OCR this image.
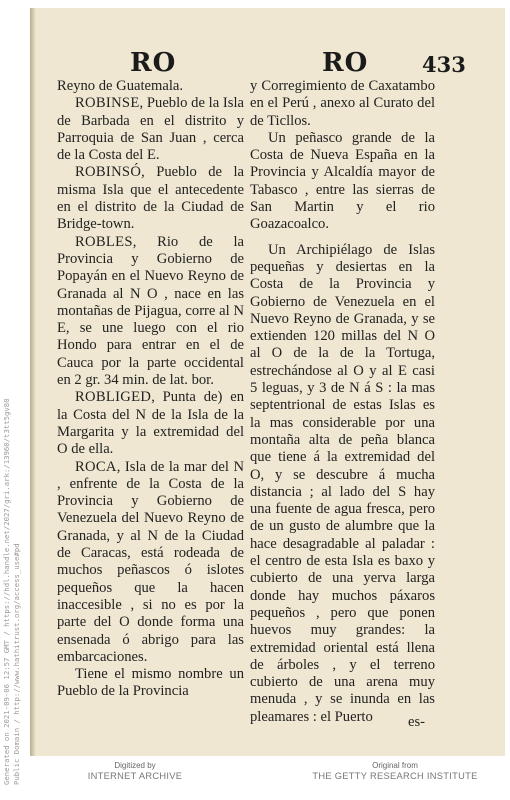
RO	RO	433

Reyno de Guatemala.

ROBINSE, Pueblo de la Isla de Barbada en el distrito y Parroquia de San Juan , cerca de la Costa del E.

ROBINSÓ, Pueblo de la misma Isla que el antecedente en el distrito de la Ciudad de Bridge-town.

ROBLES, Rio de la Provincia y Gobierno de Popayán en el Nuevo Reyno de Granada al N O , nace en las montañas de Pijagua, corre al N E, se une luego con el rio Hondo para entrar en el de Cauca por la parte occidental en 2 gr. 34 min. de lat. bor.

ROBLIGED, Punta de) en la Costa del N de la Isla de la Margarita y la extremidad del O de ella.

ROCA, Isla de la mar del N , enfrente de la Costa de la Provincia y Gobierno de Venezuela del Nuevo Reyno de Granada, y al N de la Ciudad de Caracas, está rodeada de muchos peñascos ó islotes pequeños que la hacen inaccesible , si no es por la parte del O donde forma una ensenada ó abrigo para las embarcaciones.

Tiene el mismo nombre un Pueblo de la Provincia

y Corregimiento de Caxatambo en el Perú , anexo al Curato del de Ticllos.

Un peñasco grande de la Costa de Nueva España en la Provincia y Alcaldía mayor de Tabasco , entre las sierras de San Martin y el rio Goazacoalco.

Un Archipiélago de Islas pequeñas y desiertas en la Costa de la Provincia y Gobierno de Venezuela en el Nuevo Reyno de Granada, y se extienden 120 millas del N O al O de la de la Tortuga, estrechándose al O y al E casi 5 leguas, y 3 de N á S : la mas septentrional de estas Islas es la mas considerable por una montaña alta de peña blanca que tiene á la extremidad del O, y se descubre á mucha distancia ; al lado del S hay una fuente de agua fresca, pero de un gusto de alumbre que la hace desagradable al paladar : el centro de esta Isla es baxo y cubierto de una yerva larga donde hay muchos páxaros pequeños , pero que ponen huevos muy grandes: la extremidad oriental está llena de árboles , y el terreno cubierto de una arena muy menuda , y se inunda en las pleamares : el Puerto	es-
Generated on 2021-09-06 12:57 GMT / https://hdl.handle.net/2027/gri.ark:/13960/t3tt5gv80 Public Domain / http://www.hathitrust.org/access_use#pd	Digitized by
INTERNET ARCHIVE
Original from
THE GETTY RESEARCH INSTITUTE
